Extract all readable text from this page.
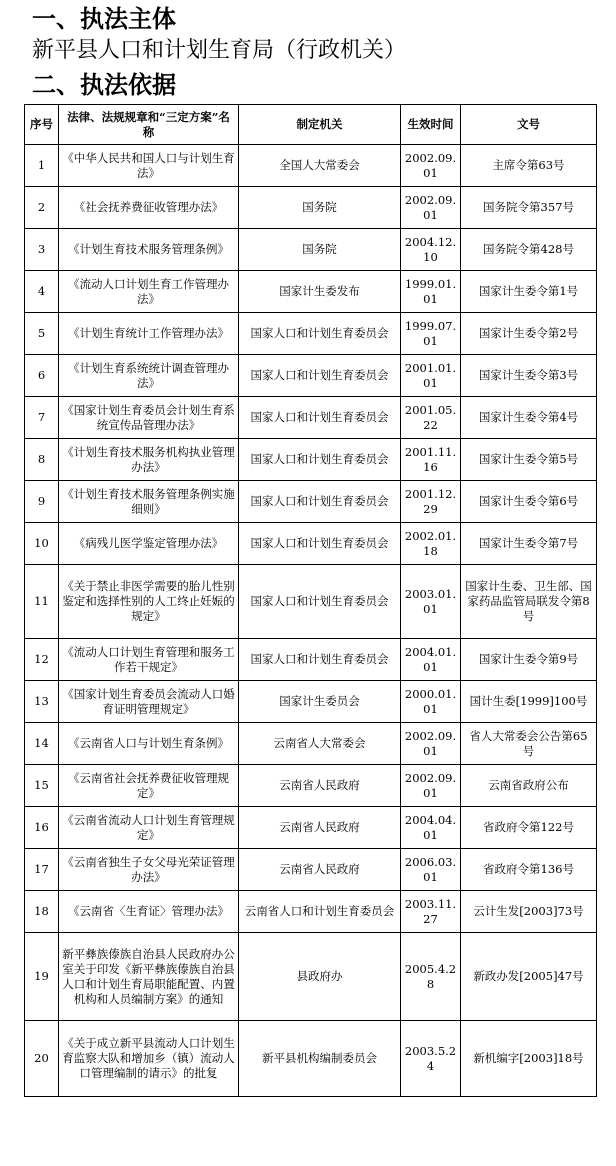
一、执法主体
新平县人口和计划生育局（行政机关）
二、执法依据
序号	法律、法规规章和“三定方案”名称	制定机关	生效时间	文号
1	《中华人民共和国人口与计划生育法》	全国人大常委会	2002.09.01	主席令第63号
2	《社会抚养费征收管理办法》	国务院	2002.09.01	国务院令第357号
3	《计划生育技术服务管理条例》	国务院	2004.12.10	国务院令第428号
4	《流动人口计划生育工作管理办法》	国家计生委发布	1999.01.01	国家计生委令第1号
5	《计划生育统计工作管理办法》	国家人口和计划生育委员会	1999.07.01	国家计生委令第2号
6	《计划生育系统统计调查管理办法》	国家人口和计划生育委员会	2001.01.01	国家计生委令第3号
7	《国家计划生育委员会计划生育系统宣传品管理办法》	国家人口和计划生育委员会	2001.05.22	国家计生委令第4号
8	《计划生育技术服务机构执业管理办法》	国家人口和计划生育委员会	2001.11.16	国家计生委令第5号
9	《计划生育技术服务管理条例实施细则》	国家人口和计划生育委员会	2001.12.29	国家计生委令第6号
10	《病残儿医学鉴定管理办法》	国家人口和计划生育委员会	2002.01.18	国家计生委令第7号
11	《关于禁止非医学需要的胎儿性别鉴定和选择性别的人工终止妊娠的规定》	国家人口和计划生育委员会	2003.01.01	国家计生委、卫生部、国家药品监管局联发令第8号
12	《流动人口计划生育管理和服务工作若干规定》	国家人口和计划生育委员会	2004.01.01	国家计生委令第9号
13	《国家计划生育委员会流动人口婚育证明管理规定》	国家计生委员会	2000.01.01	国计生委[1999]100号
14	《云南省人口与计划生育条例》	云南省人大常委会	2002.09.01	省人大常委会公告第65号
15	《云南省社会抚养费征收管理规定》	云南省人民政府	2002.09.01	云南省政府公布
16	《云南省流动人口计划生育管理规定》	云南省人民政府	2004.04.01	省政府令第122号
17	《云南省独生子女父母光荣证管理办法》	云南省人民政府	2006.03.01	省政府令第136号
18	《云南省〈生育证〉管理办法》	云南省人口和计划生育委员会	2003.11.27	云计生发[2003]73号
19	新平彝族傣族自治县人民政府办公室关于印发《新平彝族傣族自治县人口和计划生育局职能配置、内置机构和人员编制方案》的通知	县政府办	2005.4.28	新政办发[2005]47号
20	《关于成立新平县流动人口计划生育监察大队和增加乡（镇）流动人口管理编制的请示》的批复	新平县机构编制委员会	2003.5.24	新机编字[2003]18号
